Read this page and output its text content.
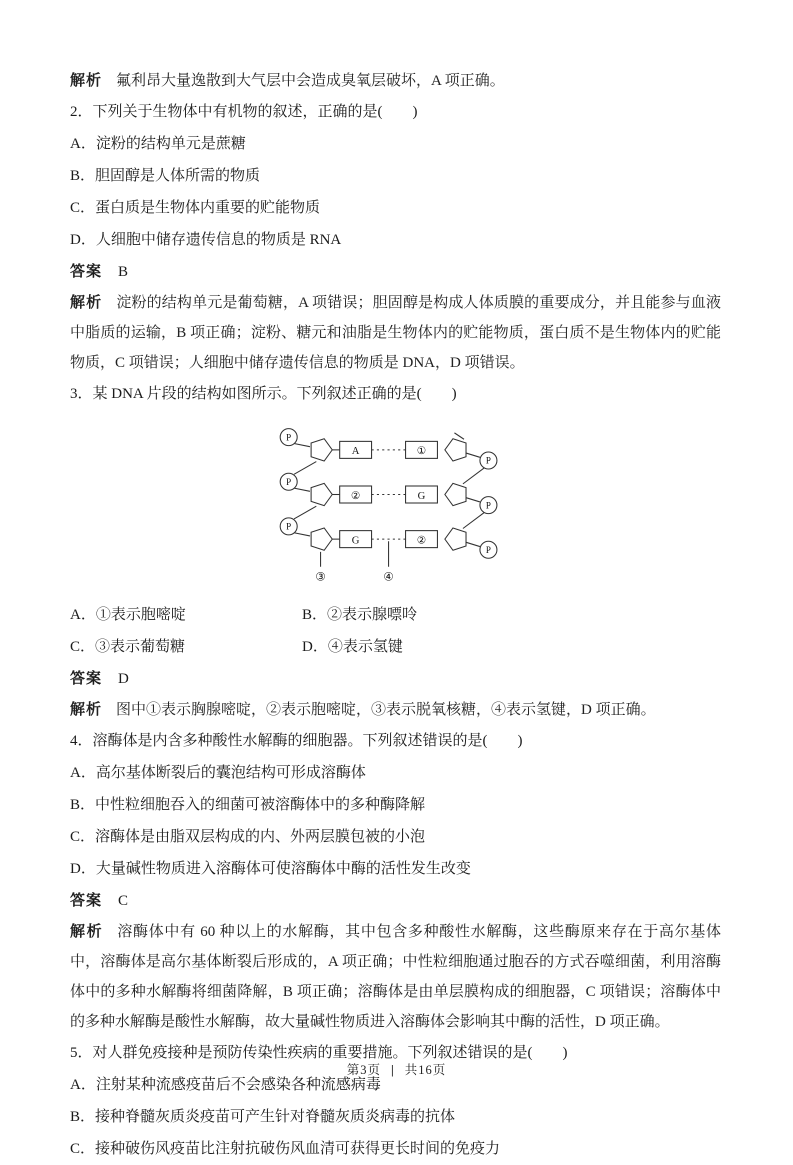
解析 氟利昂大量逸散到大气层中会造成臭氧层破坏，A 项正确。

2．下列关于生物体中有机物的叙述，正确的是(　　)

A．淀粉的结构单元是蔗糖

B．胆固醇是人体所需的物质

C．蛋白质是生物体内重要的贮能物质

D．人细胞中储存遗传信息的物质是 RNA

答案 B

解析 淀粉的结构单元是葡萄糖，A 项错误；胆固醇是构成人体质膜的重要成分，并且能参与血液中脂质的运输，B 项正确；淀粉、糖元和油脂是生物体内的贮能物质，蛋白质不是生物体内的贮能物质，C 项错误；人细胞中储存遗传信息的物质是 DNA，D 项错误。

3．某 DNA 片段的结构如图所示。下列叙述正确的是(　　)

P
A	①
P
P
②	G
P
P
G	②
P
③	④

A．①表示胞嘧啶	B．②表示腺嘌呤

C．③表示葡萄糖	D．④表示氢键

答案 D

解析 图中①表示胸腺嘧啶，②表示胞嘧啶，③表示脱氧核糖，④表示氢键，D 项正确。

4．溶酶体是内含多种酸性水解酶的细胞器。下列叙述错误的是(　　)

A．高尔基体断裂后的囊泡结构可形成溶酶体

B．中性粒细胞吞入的细菌可被溶酶体中的多种酶降解

C．溶酶体是由脂双层构成的内、外两层膜包被的小泡

D．大量碱性物质进入溶酶体可使溶酶体中酶的活性发生改变

答案 C

解析 溶酶体中有 60 种以上的水解酶，其中包含多种酸性水解酶，这些酶原来存在于高尔基体中，溶酶体是高尔基体断裂后形成的，A 项正确；中性粒细胞通过胞吞的方式吞噬细菌，利用溶酶体中的多种水解酶将细菌降解，B 项正确；溶酶体是由单层膜构成的细胞器，C 项错误；溶酶体中的多种水解酶是酸性水解酶，故大量碱性物质进入溶酶体会影响其中酶的活性，D 项正确。

5．对人群免疫接种是预防传染性疾病的重要措施。下列叙述错误的是(　　)

A．注射某种流感疫苗后不会感染各种流感病毒

B．接种脊髓灰质炎疫苗可产生针对脊髓灰质炎病毒的抗体

C．接种破伤风疫苗比注射抗破伤风血清可获得更长时间的免疫力

第3页 | 共16页
